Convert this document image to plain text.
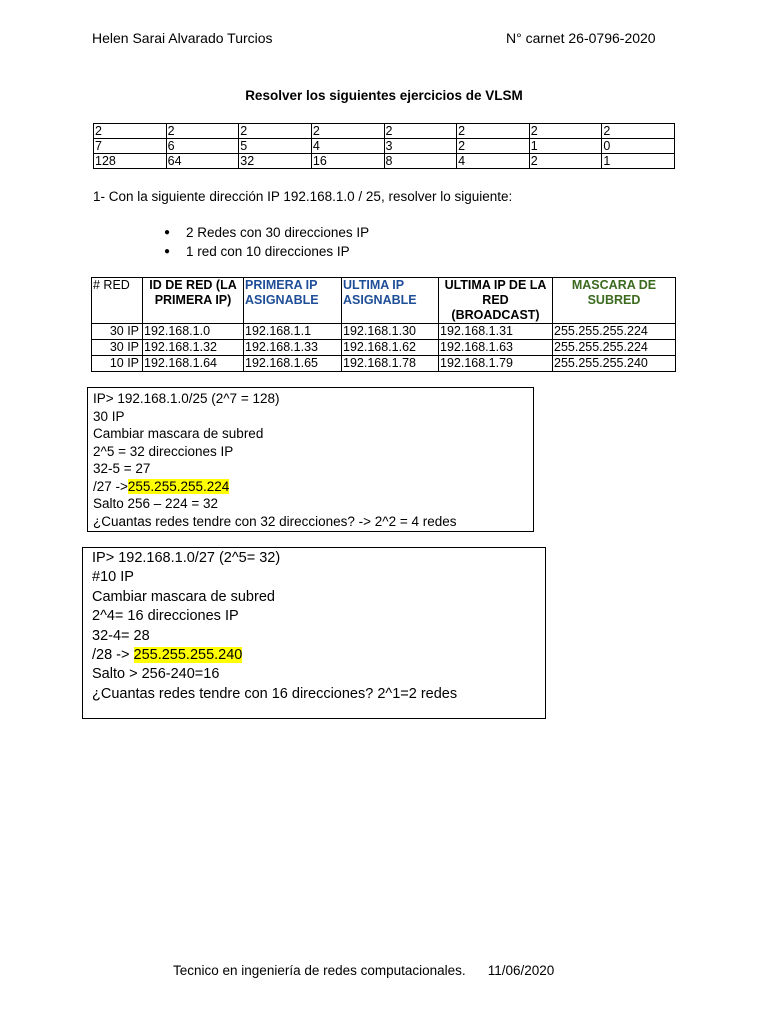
Helen Sarai Alvarado Turcios	N° carnet 26-0796-2020
Resolver los siguientes ejercicios de VLSM
2	2	2	2	2	2	2	2
7	6	5	4	3	2	1	0
128	64	32	16	8	4	2	1
1- Con la siguiente dirección IP 192.168.1.0 / 25, resolver lo siguiente:
● 2 Redes con 30 direcciones IP
● 1 red con 10 direcciones IP
# RED	ID DE RED (LA PRIMERA IP)	PRIMERA IP ASIGNABLE	ULTIMA IP ASIGNABLE	ULTIMA IP DE LA RED (BROADCAST)	MASCARA DE SUBRED
30 IP	192.168.1.0	192.168.1.1	192.168.1.30	192.168.1.31	255.255.255.224
30 IP	192.168.1.32	192.168.1.33	192.168.1.62	192.168.1.63	255.255.255.224
10 IP	192.168.1.64	192.168.1.65	192.168.1.78	192.168.1.79	255.255.255.240
IP> 192.168.1.0/25 (2^7 = 128)
30 IP
Cambiar mascara de subred
2^5 = 32 direcciones IP
32-5 = 27
/27 ->255.255.255.224
Salto 256 – 224 = 32
¿Cuantas redes tendre con 32 direcciones? -> 2^2 = 4 redes
IP> 192.168.1.0/27 (2^5= 32)
#10 IP
Cambiar mascara de subred
2^4= 16 direcciones IP
32-4= 28
/28 -> 255.255.255.240
Salto > 256-240=16
¿Cuantas redes tendre con 16 direcciones? 2^1=2 redes
Tecnico en ingeniería de redes computacionales. 11/06/2020
